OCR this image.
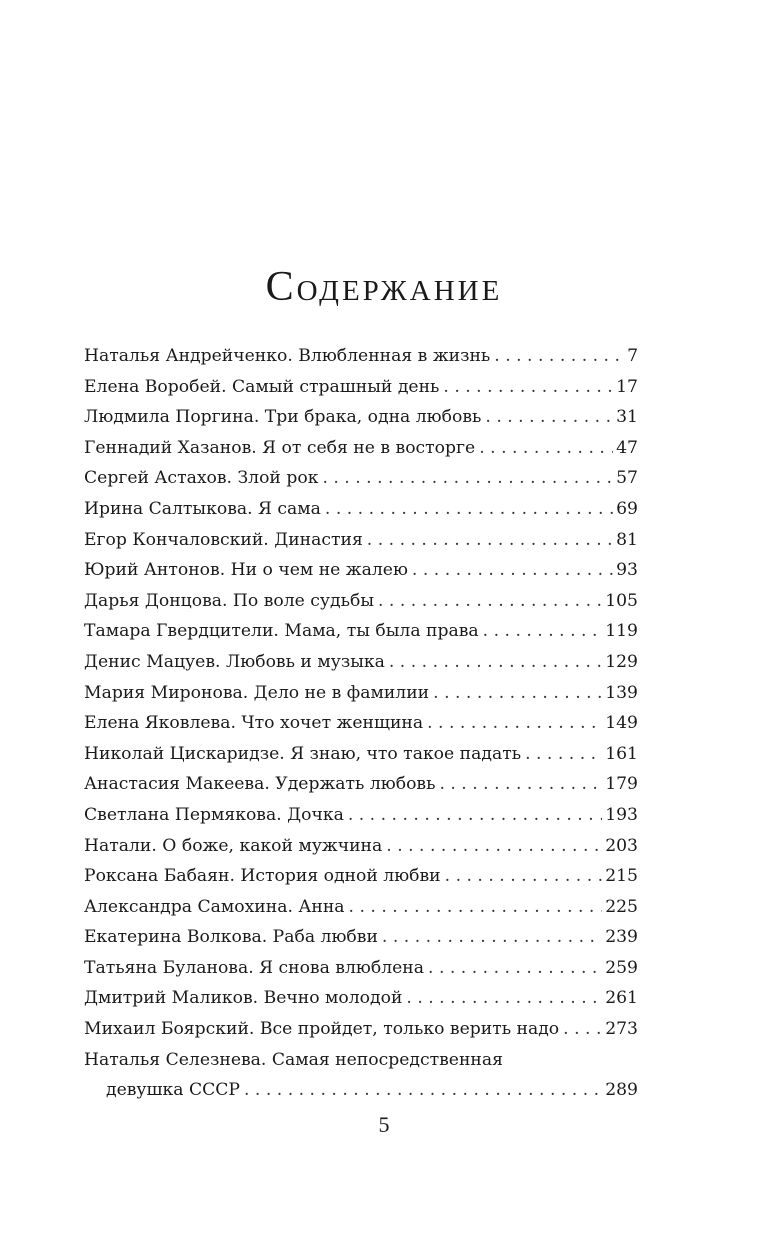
Содержание
Наталья Андрейченко. Влюбленная в жизнь . . .	7
Елена Воробей. Самый страшный день . . .	17
Людмила Поргина. Три брака, одна любовь . . .	31
Геннадий Хазанов. Я от себя не в восторге . . .	47
Сергей Астахов. Злой рок . . .	57
Ирина Салтыкова. Я сама . . .	69
Егор Кончаловский. Династия . . .	81
Юрий Антонов. Ни о чем не жалею . . .	93
Дарья Донцова. По воле судьбы . . .	105
Тамара Гвердцители. Мама, ты была права . . .	119
Денис Мацуев. Любовь и музыка . . .	129
Мария Миронова. Дело не в фамилии . . .	139
Елена Яковлева. Что хочет женщина . . .	149
Николай Цискаридзе. Я знаю, что такое падать . . .	161
Анастасия Макеева. Удержать любовь . . .	179
Светлана Пермякова. Дочка . . .	193
Натали. О боже, какой мужчина . . .	203
Роксана Бабаян. История одной любви . . .	215
Александра Самохина. Анна . . .	225
Екатерина Волкова. Раба любви . . .	239
Татьяна Буланова. Я снова влюблена . . .	259
Дмитрий Маликов. Вечно молодой . . .	261
Михаил Боярский. Все пройдет, только верить надо . . .	273
Наталья Селезнева. Самая непосредственная
девушка СССР . . .	289
5
